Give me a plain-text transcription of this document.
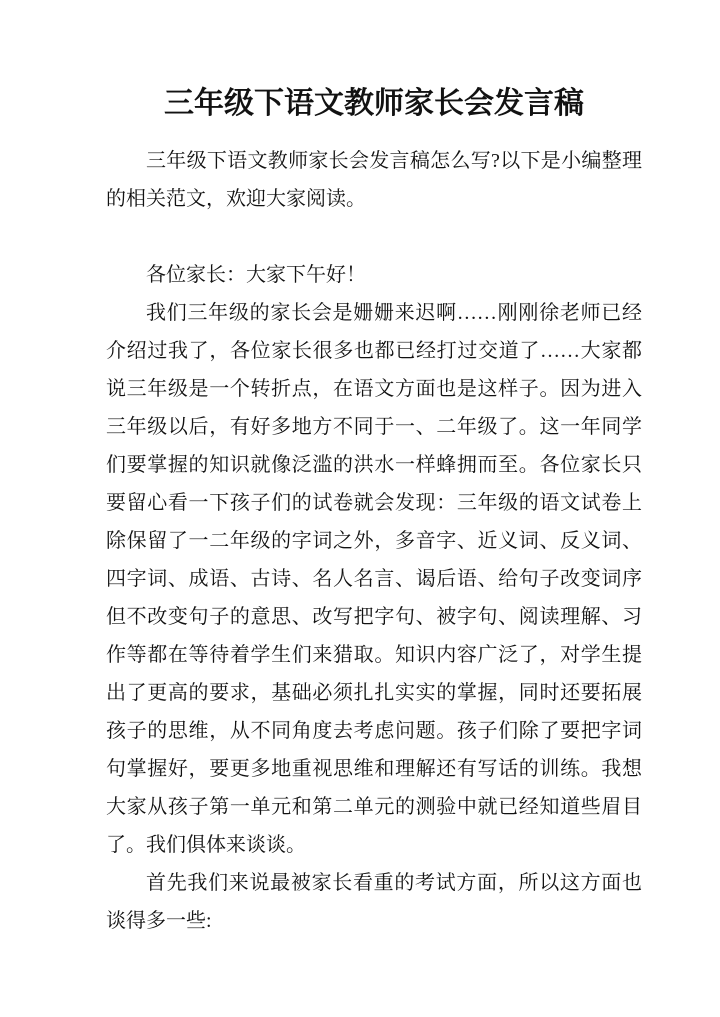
三年级下语文教师家长会发言稿

三年级下语文教师家长会发言稿怎么写?以下是小编整理的相关范文，欢迎大家阅读。

各位家长：大家下午好！

我们三年级的家长会是姗姗来迟啊……刚刚徐老师已经介绍过我了，各位家长很多也都已经打过交道了……大家都说三年级是一个转折点，在语文方面也是这样子。因为进入三年级以后，有好多地方不同于一、二年级了。这一年同学们要掌握的知识就像泛滥的洪水一样蜂拥而至。各位家长只要留心看一下孩子们的试卷就会发现：三年级的语文试卷上除保留了一二年级的字词之外，多音字、近义词、反义词、四字词、成语、古诗、名人名言、谒后语、给句子改变词序但不改变句子的意思、改写把字句、被字句、阅读理解、习作等都在等待着学生们来猎取。知识内容广泛了，对学生提出了更高的要求，基础必须扎扎实实的掌握，同时还要拓展孩子的思维，从不同角度去考虑问题。孩子们除了要把字词句掌握好，要更多地重视思维和理解还有写话的训练。我想大家从孩子第一单元和第二单元的测验中就已经知道些眉目了。我们俱体来谈谈。

首先我们来说最被家长看重的考试方面，所以这方面也谈得多一些:
